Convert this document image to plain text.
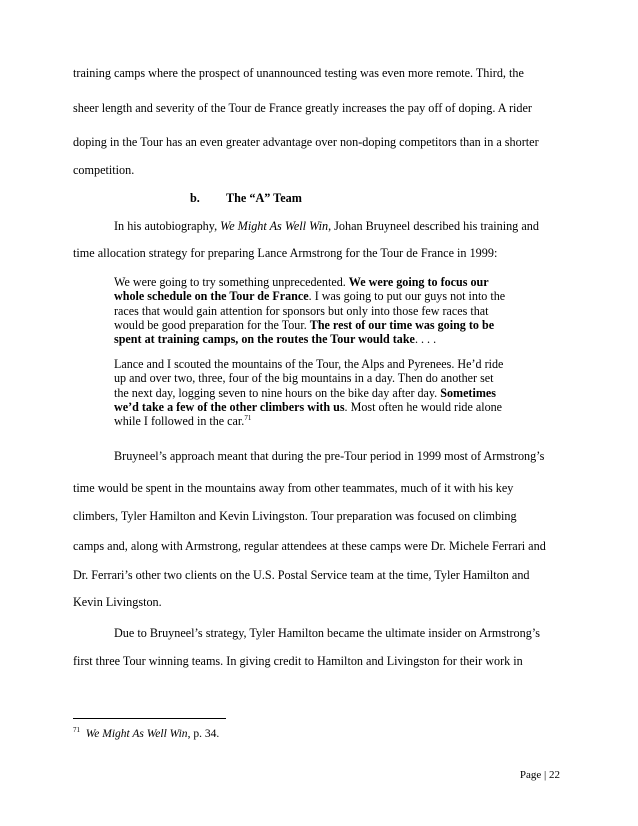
training camps where the prospect of unannounced testing was even more remote. Third, the
sheer length and severity of the Tour de France greatly increases the pay off of doping. A rider
doping in the Tour has an even greater advantage over non-doping competitors than in a shorter
competition.
b. The “A” Team
In his autobiography, We Might As Well Win, Johan Bruyneel described his training and
time allocation strategy for preparing Lance Armstrong for the Tour de France in 1999:
We were going to try something unprecedented. We were going to focus our
whole schedule on the Tour de France. I was going to put our guys not into the
races that would gain attention for sponsors but only into those few races that
would be good preparation for the Tour. The rest of our time was going to be
spent at training camps, on the routes the Tour would take. . . .
Lance and I scouted the mountains of the Tour, the Alps and Pyrenees. He’d ride
up and over two, three, four of the big mountains in a day. Then do another set
the next day, logging seven to nine hours on the bike day after day. Sometimes
we’d take a few of the other climbers with us. Most often he would ride alone
while I followed in the car.$^{71}$
Bruyneel’s approach meant that during the pre-Tour period in 1999 most of Armstrong’s
time would be spent in the mountains away from other teammates, much of it with his key
climbers, Tyler Hamilton and Kevin Livingston. Tour preparation was focused on climbing
camps and, along with Armstrong, regular attendees at these camps were Dr. Michele Ferrari and
Dr. Ferrari’s other two clients on the U.S. Postal Service team at the time, Tyler Hamilton and
Kevin Livingston.
Due to Bruyneel’s strategy, Tyler Hamilton became the ultimate insider on Armstrong’s
first three Tour winning teams. In giving credit to Hamilton and Livingston for their work in
$^{71}$ We Might As Well Win, p. 34.
Page | 22
